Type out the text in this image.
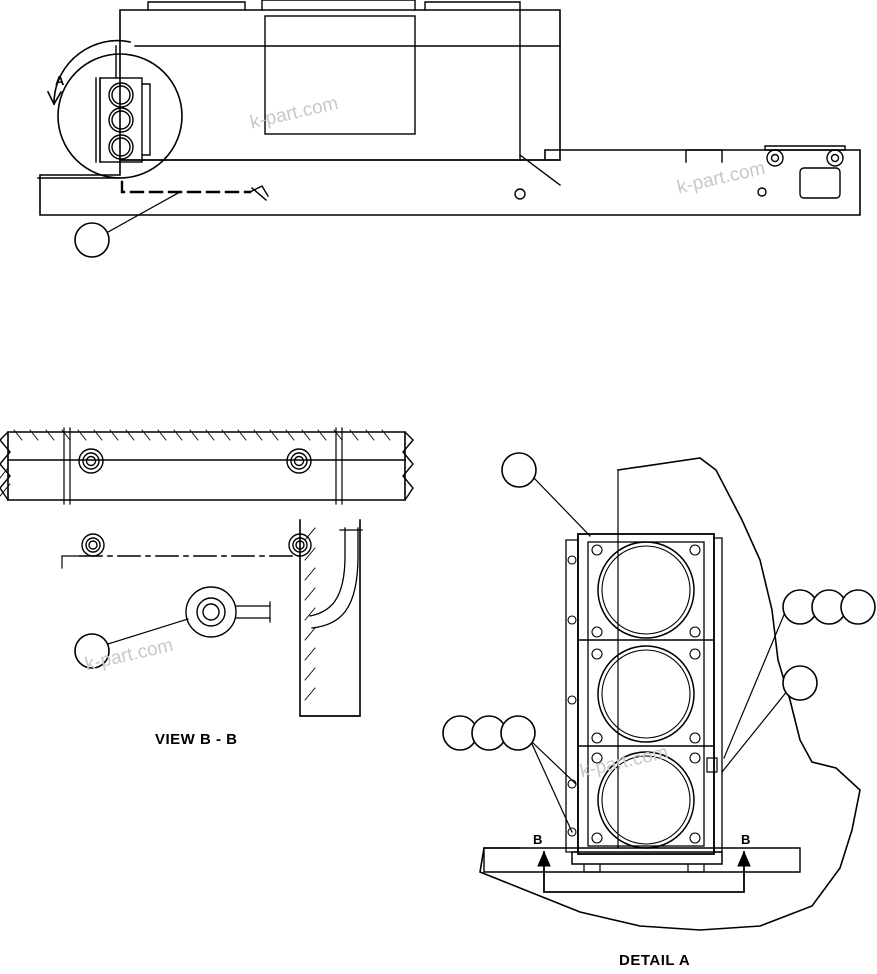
A
VIEW B - B
B	B
DETAIL A
k-part.com
k-part.com
k-part.com
k-part.com
